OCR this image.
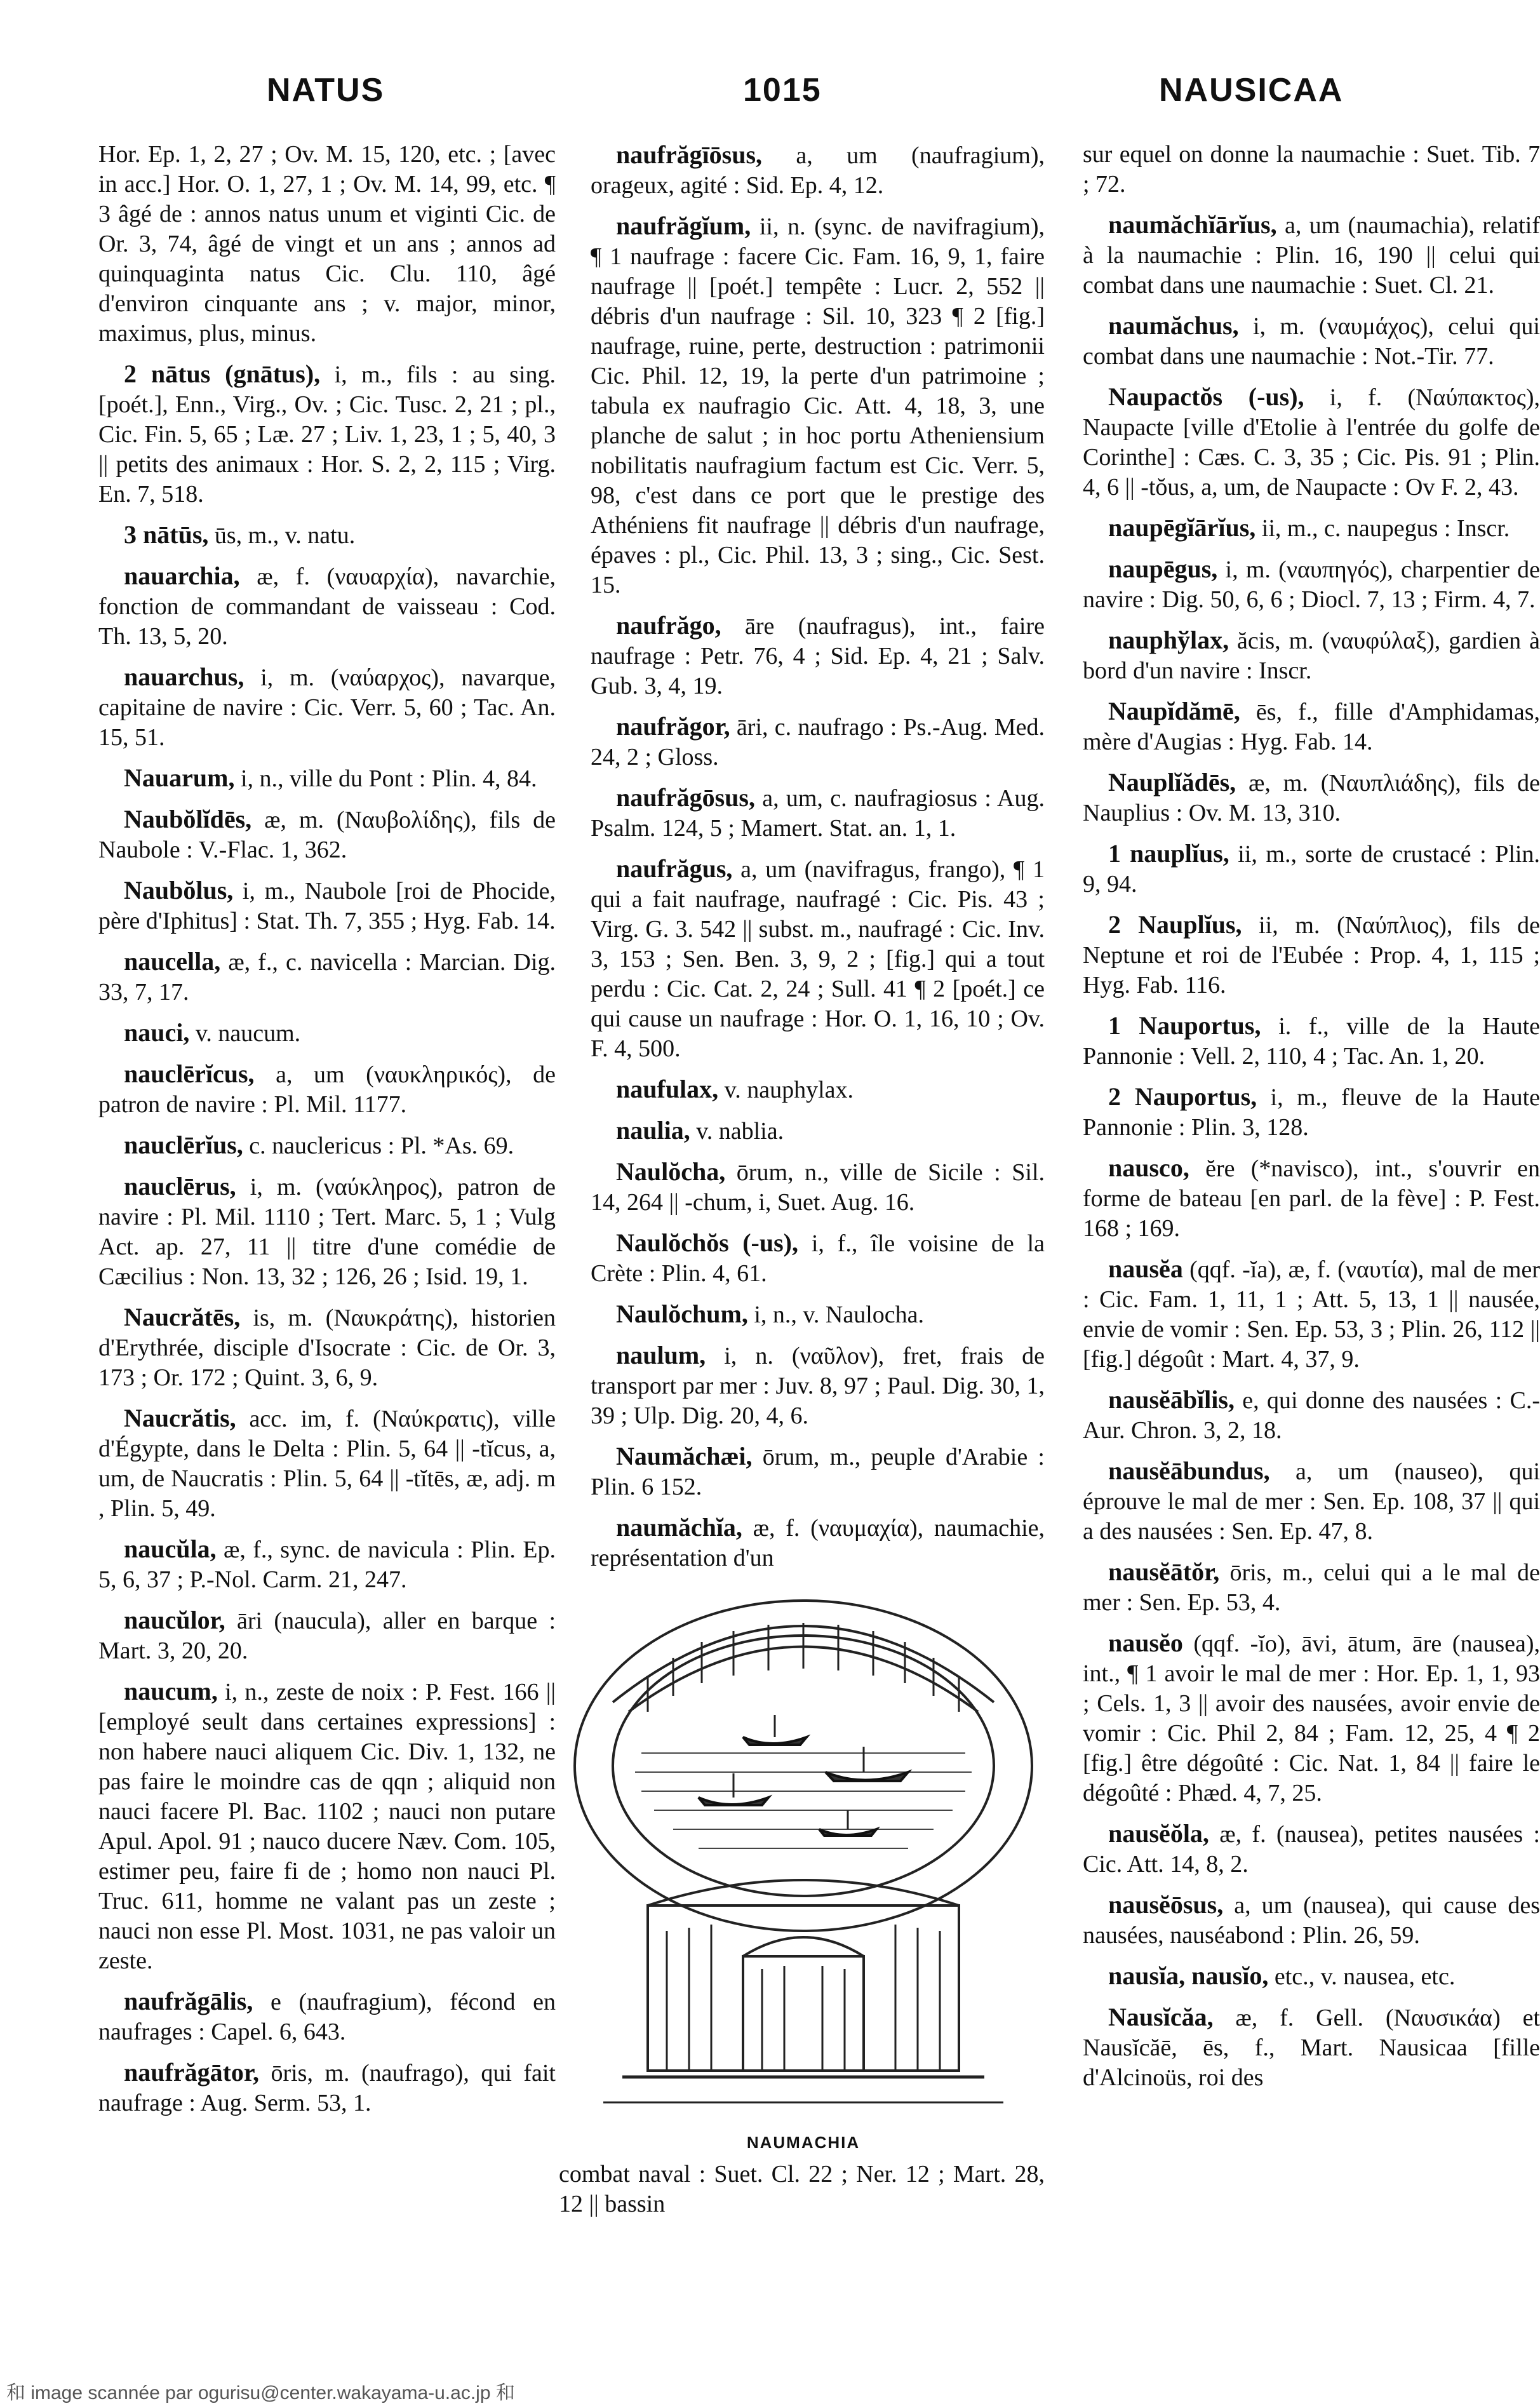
NATUS	1015	NAUSICAA

Hor. Ep. 1, 2, 27 ; Ov. M. 15, 120, etc. ; [avec in acc.] Hor. O. 1, 27, 1 ; Ov. M. 14, 99, etc. ¶ 3 âgé de : annos natus unum et viginti Cic. de Or. 3, 74, âgé de vingt et un ans ; annos ad quinquaginta natus Cic. Clu. 110, âgé d'environ cinquante ans ; v. major, minor, maximus, plus, minus.

2 nātus (gnātus), i, m., fils : au sing. [poét.], Enn., Virg., Ov. ; Cic. Tusc. 2, 21 ; pl., Cic. Fin. 5, 65 ; Læ. 27 ; Liv. 1, 23, 1 ; 5, 40, 3 || petits des animaux : Hor. S. 2, 2, 115 ; Virg. En. 7, 518.

3 nātūs, ūs, m., v. natu.

nauarchia, æ, f. (ναυαρχία), navarchie, fonction de commandant de vaisseau : Cod. Th. 13, 5, 20.

nauarchus, i, m. (ναύαρχος), navarque, capitaine de navire : Cic. Verr. 5, 60 ; Tac. An. 15, 51.

Nauarum, i, n., ville du Pont : Plin. 4, 84.

Naubŏlĭdēs, æ, m. (Ναυβολίδης), fils de Naubole : V.-Flac. 1, 362.

Naubŏlus, i, m., Naubole [roi de Phocide, père d'Iphitus] : Stat. Th. 7, 355 ; Hyg. Fab. 14.

naucella, æ, f., c. navicella : Marcian. Dig. 33, 7, 17.

nauci, v. naucum.

nauclērĭcus, a, um (ναυκληρικός), de patron de navire : Pl. Mil. 1177.

nauclērĭus, c. nauclericus : Pl. *As. 69.

nauclērus, i, m. (ναύκληρος), patron de navire : Pl. Mil. 1110 ; Tert. Marc. 5, 1 ; Vulg Act. ap. 27, 11 || titre d'une comédie de Cæcilius : Non. 13, 32 ; 126, 26 ; Isid. 19, 1.

Naucrătēs, is, m. (Ναυκράτης), historien d'Erythrée, disciple d'Isocrate : Cic. de Or. 3, 173 ; Or. 172 ; Quint. 3, 6, 9.

Naucrătis, acc. im, f. (Ναύκρατις), ville d'Égypte, dans le Delta : Plin. 5, 64 || -tĭcus, a, um, de Naucratis : Plin. 5, 64 || -tĭtēs, æ, adj. m , Plin. 5, 49.

naucŭla, æ, f., sync. de navicula : Plin. Ep. 5, 6, 37 ; P.-Nol. Carm. 21, 247.

naucŭlor, āri (naucula), aller en barque : Mart. 3, 20, 20.

naucum, i, n., zeste de noix : P. Fest. 166 || [employé seult dans certaines expressions] : non habere nauci aliquem Cic. Div. 1, 132, ne pas faire le moindre cas de qqn ; aliquid non nauci facere Pl. Bac. 1102 ; nauci non putare Apul. Apol. 91 ; nauco ducere Næv. Com. 105, estimer peu, faire fi de ; homo non nauci Pl. Truc. 611, homme ne valant pas un zeste ; nauci non esse Pl. Most. 1031, ne pas valoir un zeste.

naufrăgālis, e (naufragium), fécond en naufrages : Capel. 6, 643.

naufrăgātor, ōris, m. (naufrago), qui fait naufrage : Aug. Serm. 53, 1.

naufrăgīōsus, a, um (naufragium), orageux, agité : Sid. Ep. 4, 12.

naufrăgĭum, ii, n. (sync. de navifragium), ¶ 1 naufrage : facere Cic. Fam. 16, 9, 1, faire naufrage || [poét.] tempête : Lucr. 2, 552 || débris d'un naufrage : Sil. 10, 323 ¶ 2 [fig.] naufrage, ruine, perte, destruction : patrimonii Cic. Phil. 12, 19, la perte d'un patrimoine ; tabula ex naufragio Cic. Att. 4, 18, 3, une planche de salut ; in hoc portu Atheniensium nobilitatis naufragium factum est Cic. Verr. 5, 98, c'est dans ce port que le prestige des Athéniens fit naufrage || débris d'un naufrage, épaves : pl., Cic. Phil. 13, 3 ; sing., Cic. Sest. 15.

naufrăgo, āre (naufragus), int., faire naufrage : Petr. 76, 4 ; Sid. Ep. 4, 21 ; Salv. Gub. 3, 4, 19.

naufrăgor, āri, c. naufrago : Ps.-Aug. Med. 24, 2 ; Gloss.

naufrăgōsus, a, um, c. naufragiosus : Aug. Psalm. 124, 5 ; Mamert. Stat. an. 1, 1.

naufrăgus, a, um (navifragus, frango), ¶ 1 qui a fait naufrage, naufragé : Cic. Pis. 43 ; Virg. G. 3. 542 || subst. m., naufragé : Cic. Inv. 3, 153 ; Sen. Ben. 3, 9, 2 ; [fig.] qui a tout perdu : Cic. Cat. 2, 24 ; Sull. 41 ¶ 2 [poét.] ce qui cause un naufrage : Hor. O. 1, 16, 10 ; Ov. F. 4, 500.

naufulax, v. nauphylax.

naulia, v. nablia.

Naulŏcha, ōrum, n., ville de Sicile : Sil. 14, 264 || -chum, i, Suet. Aug. 16.

Naulŏchŏs (-us), i, f., île voisine de la Crète : Plin. 4, 61.

Naulŏchum, i, n., v. Naulocha.

naulum, i, n. (ναῦλον), fret, frais de transport par mer : Juv. 8, 97 ; Paul. Dig. 30, 1, 39 ; Ulp. Dig. 20, 4, 6.

Naumăchæi, ōrum, m., peuple d'Arabie : Plin. 6 152.

naumăchĭa, æ, f. (ναυμαχία), naumachie, représentation d'un

sur equel on donne la naumachie : Suet. Tib. 7 ; 72.

naumăchĭārĭus, a, um (naumachia), relatif à la naumachie : Plin. 16, 190 || celui qui combat dans une naumachie : Suet. Cl. 21.

naumăchus, i, m. (ναυμάχος), celui qui combat dans une naumachie : Not.-Tir. 77.

Naupactŏs (-us), i, f. (Ναύπακτος), Naupacte [ville d'Etolie à l'entrée du golfe de Corinthe] : Cæs. C. 3, 35 ; Cic. Pis. 91 ; Plin. 4, 6 || -tŏus, a, um, de Naupacte : Ov F. 2, 43.

naupēgĭārĭus, ii, m., c. naupegus : Inscr.

naupēgus, i, m. (ναυπηγός), charpentier de navire : Dig. 50, 6, 6 ; Diocl. 7, 13 ; Firm. 4, 7.

nauphўlax, ăcis, m. (ναυφύλαξ), gardien à bord d'un navire : Inscr.

Naupĭdămē, ēs, f., fille d'Amphidamas, mère d'Augias : Hyg. Fab. 14.

Nauplĭădēs, æ, m. (Ναυπλιάδης), fils de Nauplius : Ov. M. 13, 310.

1 nauplĭus, ii, m., sorte de crustacé : Plin. 9, 94.

2 Nauplĭus, ii, m. (Ναύπλιος), fils de Neptune et roi de l'Eubée : Prop. 4, 1, 115 ; Hyg. Fab. 116.

1 Nauportus, i. f., ville de la Haute Pannonie : Vell. 2, 110, 4 ; Tac. An. 1, 20.

2 Nauportus, i, m., fleuve de la Haute Pannonie : Plin. 3, 128.

nausco, ĕre (*navisco), int., s'ouvrir en forme de bateau [en parl. de la fève] : P. Fest. 168 ; 169.

nausĕa (qqf. -ĭa), æ, f. (ναυτία), mal de mer : Cic. Fam. 1, 11, 1 ; Att. 5, 13, 1 || nausée, envie de vomir : Sen. Ep. 53, 3 ; Plin. 26, 112 || [fig.] dégoût : Mart. 4, 37, 9.

nausĕābĭlis, e, qui donne des nausées : C.-Aur. Chron. 3, 2, 18.

nausĕābundus, a, um (nauseo), qui éprouve le mal de mer : Sen. Ep. 108, 37 || qui a des nausées : Sen. Ep. 47, 8.

nausĕātŏr, ōris, m., celui qui a le mal de mer : Sen. Ep. 53, 4.

nausĕo (qqf. -ĭo), āvi, ātum, āre (nausea), int., ¶ 1 avoir le mal de mer : Hor. Ep. 1, 1, 93 ; Cels. 1, 3 || avoir des nausées, avoir envie de vomir : Cic. Phil 2, 84 ; Fam. 12, 25, 4 ¶ 2 [fig.] être dégoûté : Cic. Nat. 1, 84 || faire le dégoûté : Phæd. 4, 7, 25.

nausĕŏla, æ, f. (nausea), petites nausées : Cic. Att. 14, 8, 2.

nausĕōsus, a, um (nausea), qui cause des nausées, nauséabond : Plin. 26, 59.

nausĭa, nausĭo, etc., v. nausea, etc.

Nausĭcăa, æ, f. Gell. (Ναυσικάα) et Nausĭcăē, ēs, f., Mart. Nausicaa [fille d'Alcinoüs, roi des

NAUMACHIA

combat naval : Suet. Cl. 22 ; Ner. 12 ; Mart. 28, 12 || bassin

和 image scannée par ogurisu@center.wakayama-u.ac.jp 和
